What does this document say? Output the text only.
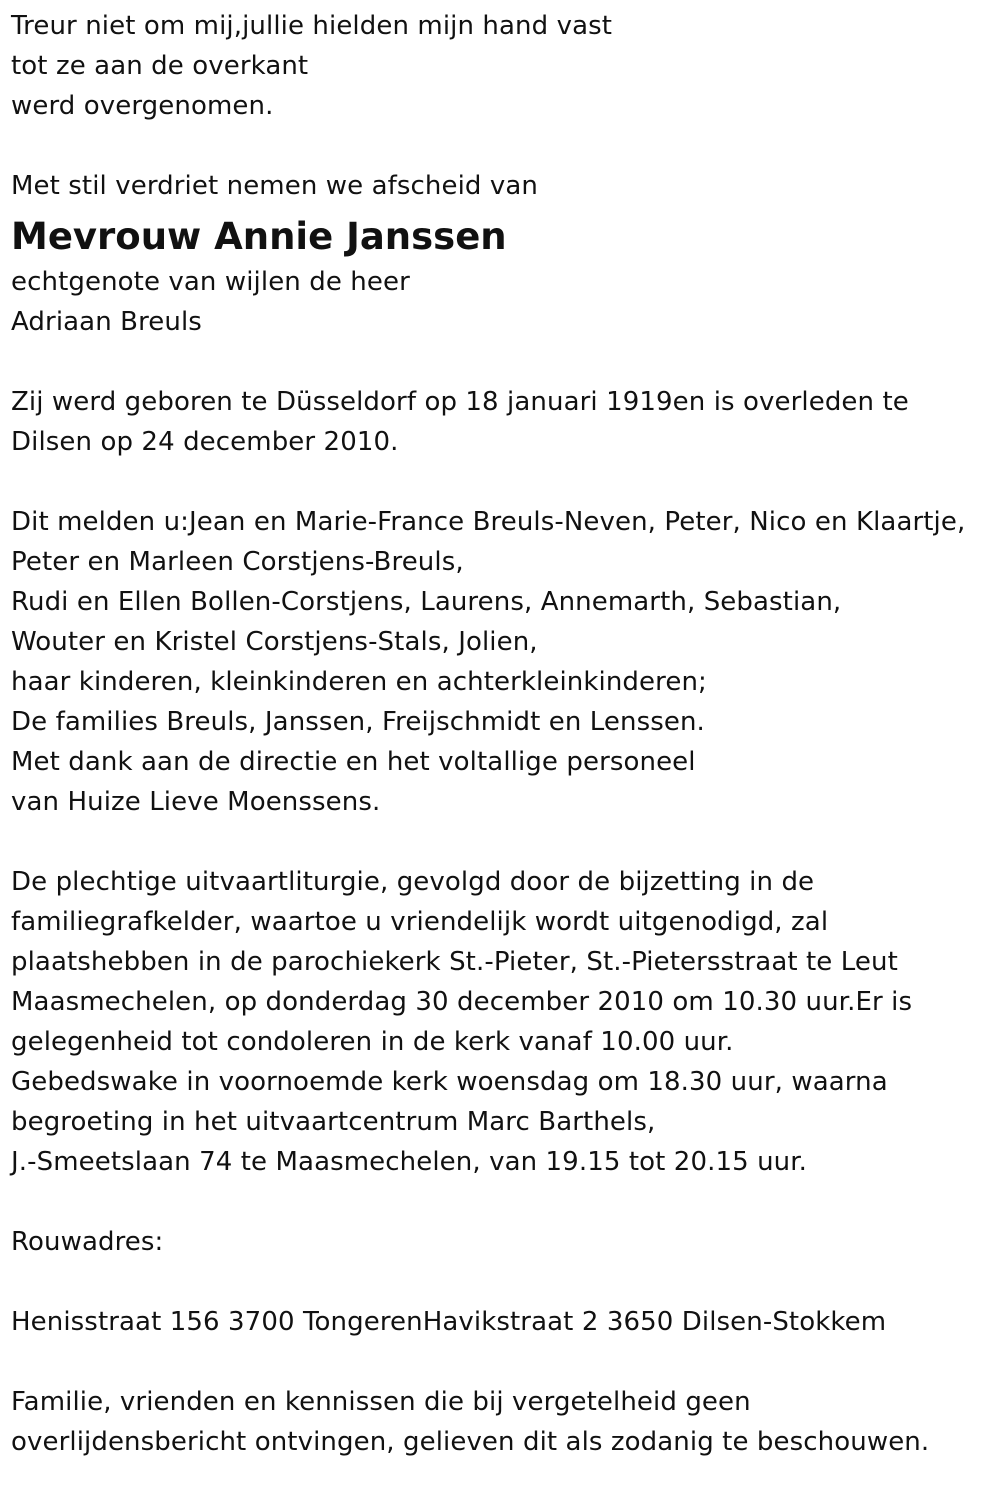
Treur niet om mij,jullie hielden mijn hand vast
tot ze aan de overkant
werd overgenomen.
Met stil verdriet nemen we afscheid van
Mevrouw Annie Janssen
echtgenote van wijlen de heer
Adriaan Breuls
Zij werd geboren te Düsseldorf op 18 januari 1919en is overleden te
Dilsen op 24 december 2010.
Dit melden u:Jean en Marie-France Breuls-Neven, Peter, Nico en Klaartje,
Peter en Marleen Corstjens-Breuls,
Rudi en Ellen Bollen-Corstjens, Laurens, Annemarth, Sebastian,
Wouter en Kristel Corstjens-Stals, Jolien,
haar kinderen, kleinkinderen en achterkleinkinderen;
De families Breuls, Janssen, Freijschmidt en Lenssen.
Met dank aan de directie en het voltallige personeel
van Huize Lieve Moenssens.
De plechtige uitvaartliturgie, gevolgd door de bijzetting in de
familiegrafkelder, waartoe u vriendelijk wordt uitgenodigd, zal
plaatshebben in de parochiekerk St.-Pieter, St.-Pietersstraat te Leut
Maasmechelen, op donderdag 30 december 2010 om 10.30 uur.Er is
gelegenheid tot condoleren in de kerk vanaf 10.00 uur.
Gebedswake in voornoemde kerk woensdag om 18.30 uur, waarna
begroeting in het uitvaartcentrum Marc Barthels,
J.-Smeetslaan 74 te Maasmechelen, van 19.15 tot 20.15 uur.
Rouwadres:
Henisstraat 156 3700 TongerenHavikstraat 2 3650 Dilsen-Stokkem
Familie, vrienden en kennissen die bij vergetelheid geen
overlijdensbericht ontvingen, gelieven dit als zodanig te beschouwen.
